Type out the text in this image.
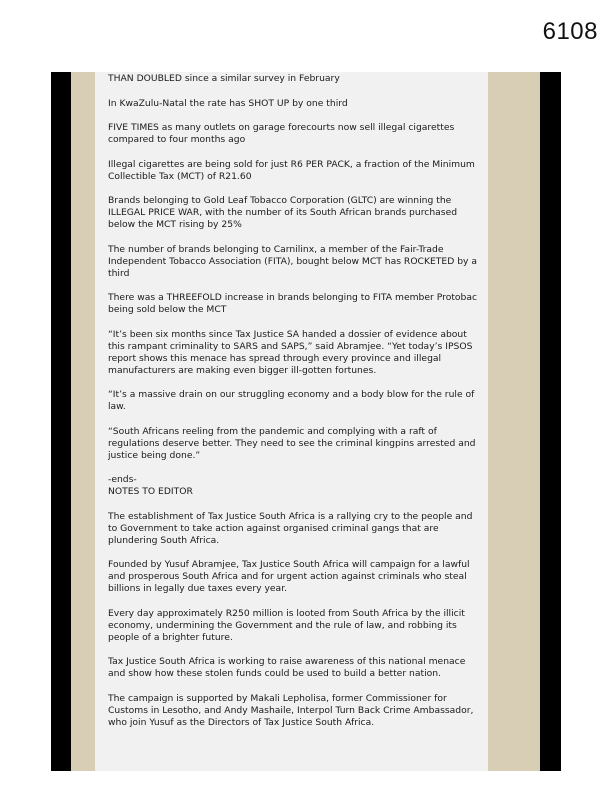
6108

THAN DOUBLED since a similar survey in February

In KwaZulu-Natal the rate has SHOT UP by one third

FIVE TIMES as many outlets on garage forecourts now sell illegal cigarettes compared to four months ago

Illegal cigarettes are being sold for just R6 PER PACK, a fraction of the Minimum Collectible Tax (MCT) of R21.60

Brands belonging to Gold Leaf Tobacco Corporation (GLTC) are winning the ILLEGAL PRICE WAR, with the number of its South African brands purchased below the MCT rising by 25%

The number of brands belonging to Carnilinx, a member of the Fair-Trade Independent Tobacco Association (FITA), bought below MCT has ROCKETED by a third

There was a THREEFOLD increase in brands belonging to FITA member Protobac being sold below the MCT

“It’s been six months since Tax Justice SA handed a dossier of evidence about this rampant criminality to SARS and SAPS,” said Abramjee. “Yet today’s IPSOS report shows this menace has spread through every province and illegal manufacturers are making even bigger ill-gotten fortunes.

“It’s a massive drain on our struggling economy and a body blow for the rule of law.

“South Africans reeling from the pandemic and complying with a raft of regulations deserve better. They need to see the criminal kingpins arrested and justice being done.”

-ends-

NOTES TO EDITOR

The establishment of Tax Justice South Africa is a rallying cry to the people and to Government to take action against organised criminal gangs that are plundering South Africa.

Founded by Yusuf Abramjee, Tax Justice South Africa will campaign for a lawful and prosperous South Africa and for urgent action against criminals who steal billions in legally due taxes every year.

Every day approximately R250 million is looted from South Africa by the illicit economy, undermining the Government and the rule of law, and robbing its people of a brighter future.

Tax Justice South Africa is working to raise awareness of this national menace and show how these stolen funds could be used to build a better nation.

The campaign is supported by Makali Lepholisa, former Commissioner for Customs in Lesotho, and Andy Mashaile, Interpol Turn Back Crime Ambassador, who join Yusuf as the Directors of Tax Justice South Africa.
